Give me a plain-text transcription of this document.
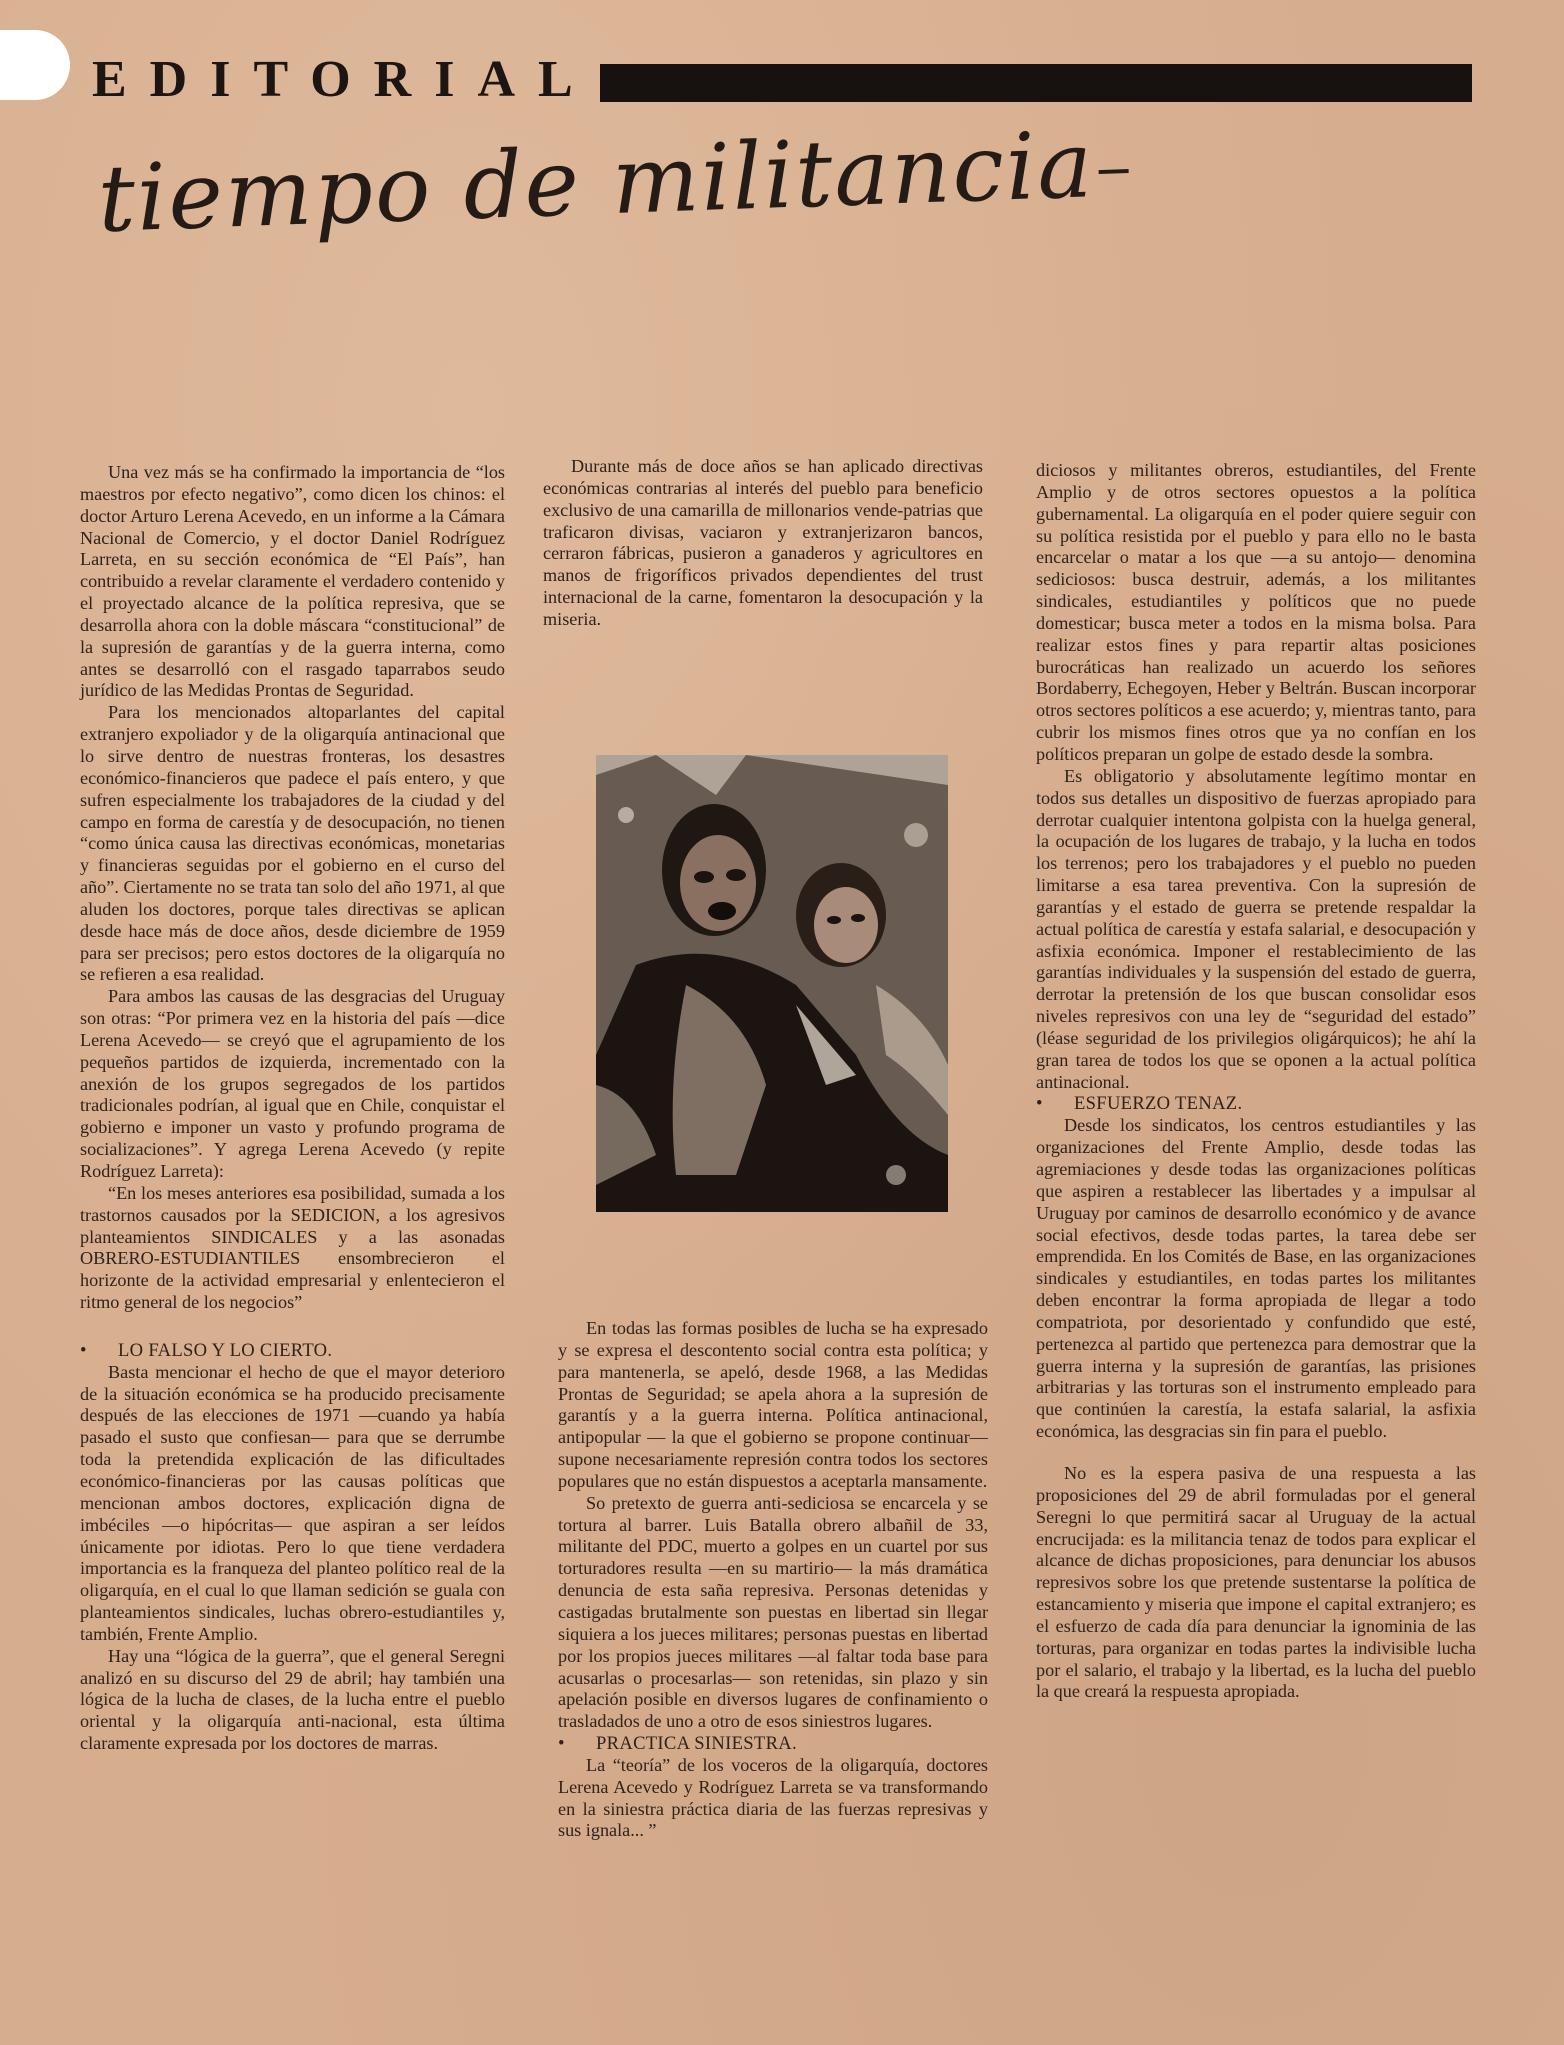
EDITORIAL
tiempo de militancia

Una vez más se ha confirmado la importancia de “los maestros por efecto negativo”, como dicen los chinos: el doctor Arturo Lerena Acevedo, en un informe a la Cámara Nacional de Comercio, y el doctor Daniel Rodríguez Larreta, en su sección económica de “El País”, han contribuido a revelar claramente el verdadero contenido y el proyectado alcance de la política represiva, que se desarrolla ahora con la doble máscara “constitucional” de la supresión de garantías y de la guerra interna, como antes se desarrolló con el rasgado taparrabos seudo jurídico de las Medidas Prontas de Seguridad.

Para los mencionados altoparlantes del capital extranjero expoliador y de la oligarquía antinacional que lo sirve dentro de nuestras fronteras, los desastres económico-financieros que padece el país entero, y que sufren especialmente los trabajadores de la ciudad y del campo en forma de carestía y de desocupación, no tienen “como única causa las directivas económicas, monetarias y financieras seguidas por el gobierno en el curso del año”. Ciertamente no se trata tan solo del año 1971, al que aluden los doctores, porque tales directivas se aplican desde hace más de doce años, desde diciembre de 1959 para ser precisos; pero estos doctores de la oligarquía no se refieren a esa realidad.

Para ambos las causas de las desgracias del Uruguay son otras: “Por primera vez en la historia del país —dice Lerena Acevedo— se creyó que el agrupamiento de los pequeños partidos de izquierda, incrementado con la anexión de los grupos segregados de los partidos tradicionales podrían, al igual que en Chile, conquistar el gobierno e imponer un vasto y profundo programa de socializaciones”. Y agrega Lerena Acevedo (y repite Rodríguez Larreta):

“En los meses anteriores esa posibilidad, sumada a los trastornos causados por la SEDICION, a los agresivos planteamientos SINDICALES y a las asonadas OBRERO-ESTUDIANTILES ensombrecieron el horizonte de la actividad empresarial y enlentecieron el ritmo general de los negocios”

• LO FALSO Y LO CIERTO.

Basta mencionar el hecho de que el mayor deterioro de la situación económica se ha producido precisamente después de las elecciones de 1971 —cuando ya había pasado el susto que confiesan— para que se derrumbe toda la pretendida explicación de las dificultades económico-financieras por las causas políticas que mencionan ambos doctores, explicación digna de imbéciles —o hipócritas— que aspiran a ser leídos únicamente por idiotas. Pero lo que tiene verdadera importancia es la franqueza del planteo político real de la oligarquía, en el cual lo que llaman sedición se guala con planteamientos sindicales, luchas obrero-estudiantiles y, también, Frente Amplio.

Hay una “lógica de la guerra”, que el general Seregni analizó en su discurso del 29 de abril; hay también una lógica de la lucha de clases, de la lucha entre el pueblo oriental y la oligarquía anti-nacional, esta última claramente expresada por los doctores de marras.

Durante más de doce años se han aplicado directivas económicas contrarias al interés del pueblo para beneficio exclusivo de una camarilla de millonarios vende-patrias que traficaron divisas, vaciaron y extranjerizaron bancos, cerraron fábricas, pusieron a ganaderos y agricultores en manos de frigoríficos privados dependientes del trust internacional de la carne, fomentaron la desocupación y la miseria.

En todas las formas posibles de lucha se ha expresado y se expresa el descontento social contra esta política; y para mantenerla, se apeló, desde 1968, a las Medidas Prontas de Seguridad; se apela ahora a la supresión de garantís y a la guerra interna. Política antinacional, antipopular — la que el gobierno se propone continuar— supone necesariamente represión contra todos los sectores populares que no están dispuestos a aceptarla mansamente.

So pretexto de guerra anti-sediciosa se encarcela y se tortura al barrer. Luis Batalla obrero albañil de 33, militante del PDC, muerto a golpes en un cuartel por sus torturadores resulta —en su martirio— la más dramática denuncia de esta saña represiva. Personas detenidas y castigadas brutalmente son puestas en libertad sin llegar siquiera a los jueces militares; personas puestas en libertad por los propios jueces militares —al faltar toda base para acusarlas o procesarlas— son retenidas, sin plazo y sin apelación posible en diversos lugares de confinamiento o trasladados de uno a otro de esos siniestros lugares.

• PRACTICA SINIESTRA.

La “teoría” de los voceros de la oligarquía, doctores Lerena Acevedo y Rodríguez Larreta se va transformando en la siniestra práctica diaria de las fuerzas represivas y sus ignala... ”

diciosos y militantes obreros, estudiantiles, del Frente Amplio y de otros sectores opuestos a la política gubernamental. La oligarquía en el poder quiere seguir con su política resistida por el pueblo y para ello no le basta encarcelar o matar a los que —a su antojo— denomina sediciosos: busca destruir, además, a los militantes sindicales, estudiantiles y políticos que no puede domesticar; busca meter a todos en la misma bolsa. Para realizar estos fines y para repartir altas posiciones burocráticas han realizado un acuerdo los señores Bordaberry, Echegoyen, Heber y Beltrán. Buscan incorporar otros sectores políticos a ese acuerdo; y, mientras tanto, para cubrir los mismos fines otros que ya no confían en los políticos preparan un golpe de estado desde la sombra.

Es obligatorio y absolutamente legítimo montar en todos sus detalles un dispositivo de fuerzas apropiado para derrotar cualquier intentona golpista con la huelga general, la ocupación de los lugares de trabajo, y la lucha en todos los terrenos; pero los trabajadores y el pueblo no pueden limitarse a esa tarea preventiva. Con la supresión de garantías y el estado de guerra se pretende respaldar la actual política de carestía y estafa salarial, e desocupación y asfixia económica. Imponer el restablecimiento de las garantías individuales y la suspensión del estado de guerra, derrotar la pretensión de los que buscan consolidar esos niveles represivos con una ley de “seguridad del estado” (léase seguridad de los privilegios oligárquicos); he ahí la gran tarea de todos los que se oponen a la actual política antinacional.

• ESFUERZO TENAZ.

Desde los sindicatos, los centros estudiantiles y las organizaciones del Frente Amplio, desde todas las agremiaciones y desde todas las organizaciones políticas que aspiren a restablecer las libertades y a impulsar al Uruguay por caminos de desarrollo económico y de avance social efectivos, desde todas partes, la tarea debe ser emprendida. En los Comités de Base, en las organizaciones sindicales y estudiantiles, en todas partes los militantes deben encontrar la forma apropiada de llegar a todo compatriota, por desorientado y confundido que esté, pertenezca al partido que pertenezca para demostrar que la guerra interna y la supresión de garantías, las prisiones arbitrarias y las torturas son el instrumento empleado para que continúen la carestía, la estafa salarial, la asfixia económica, las desgracias sin fin para el pueblo.

No es la espera pasiva de una respuesta a las proposiciones del 29 de abril formuladas por el general Seregni lo que permitirá sacar al Uruguay de la actual encrucijada: es la militancia tenaz de todos para explicar el alcance de dichas proposiciones, para denunciar los abusos represivos sobre los que pretende sustentarse la política de estancamiento y miseria que impone el capital extranjero; es el esfuerzo de cada día para denunciar la ignominia de las torturas, para organizar en todas partes la indivisible lucha por el salario, el trabajo y la libertad, es la lucha del pueblo la que creará la respuesta apropiada.
